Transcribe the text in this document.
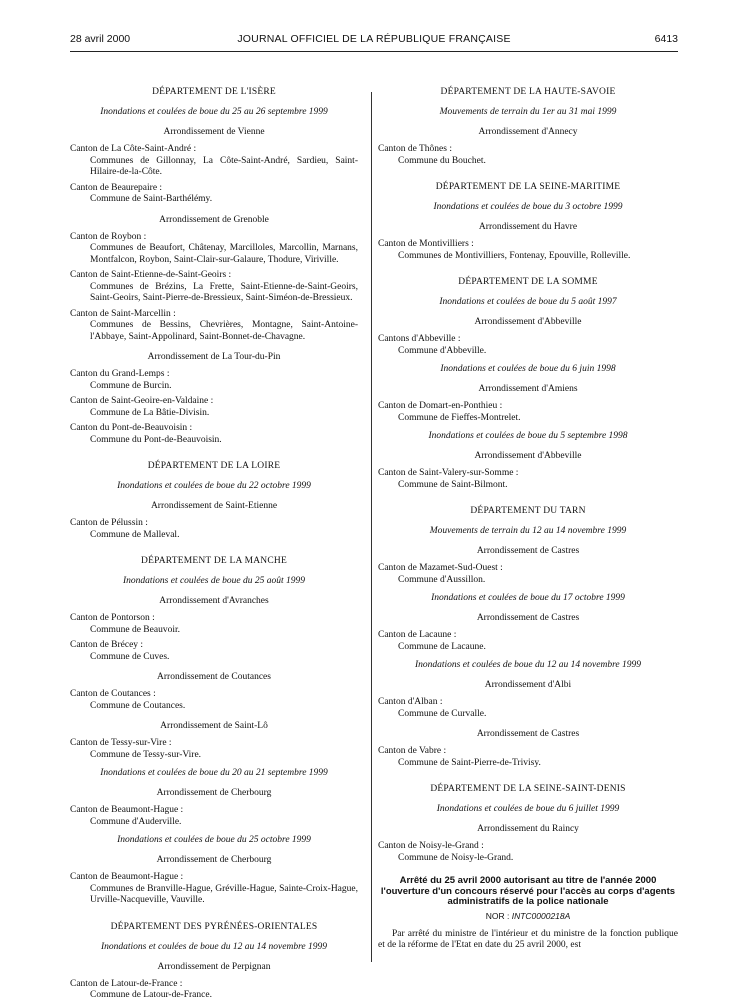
28 avril 2000	JOURNAL OFFICIEL DE LA RÉPUBLIQUE FRANÇAISE	6413
DÉPARTEMENT DE L'ISÈRE
Inondations et coulées de boue du 25 au 26 septembre 1999
Arrondissement de Vienne
Canton de La Côte-Saint-André :
Communes de Gillonnay, La Côte-Saint-André, Sardieu, Saint-Hilaire-de-la-Côte.
Canton de Beaurepaire :
Commune de Saint-Barthélémy.
Arrondissement de Grenoble
Canton de Roybon :
Communes de Beaufort, Châtenay, Marcilloles, Marcollin, Marnans, Montfalcon, Roybon, Saint-Clair-sur-Galaure, Thodure, Viriville.
Canton de Saint-Etienne-de-Saint-Geoirs :
Communes de Brézins, La Frette, Saint-Etienne-de-Saint-Geoirs, Saint-Geoirs, Saint-Pierre-de-Bressieux, Saint-Siméon-de-Bressieux.
Canton de Saint-Marcellin :
Communes de Bessins, Chevrières, Montagne, Saint-Antoine-l'Abbaye, Saint-Appolinard, Saint-Bonnet-de-Chavagne.
Arrondissement de La Tour-du-Pin
Canton du Grand-Lemps :
Commune de Burcin.
Canton de Saint-Geoire-en-Valdaine :
Commune de La Bâtie-Divisin.
Canton du Pont-de-Beauvoisin :
Commune du Pont-de-Beauvoisin.
DÉPARTEMENT DE LA LOIRE
Inondations et coulées de boue du 22 octobre 1999
Arrondissement de Saint-Etienne
Canton de Pélussin :
Commune de Malleval.
DÉPARTEMENT DE LA MANCHE
Inondations et coulées de boue du 25 août 1999
Arrondissement d'Avranches
Canton de Pontorson :
Commune de Beauvoir.
Canton de Brécey :
Commune de Cuves.
Arrondissement de Coutances
Canton de Coutances :
Commune de Coutances.
Arrondissement de Saint-Lô
Canton de Tessy-sur-Vire :
Commune de Tessy-sur-Vire.
Inondations et coulées de boue du 20 au 21 septembre 1999
Arrondissement de Cherbourg
Canton de Beaumont-Hague :
Commune d'Auderville.
Inondations et coulées de boue du 25 octobre 1999
Arrondissement de Cherbourg
Canton de Beaumont-Hague :
Communes de Branville-Hague, Gréville-Hague, Sainte-Croix-Hague, Urville-Nacqueville, Vauville.
DÉPARTEMENT DES PYRÉNÉES-ORIENTALES
Inondations et coulées de boue du 12 au 14 novembre 1999
Arrondissement de Perpignan
Canton de Latour-de-France :
Commune de Latour-de-France.
DÉPARTEMENT DE LA HAUTE-SAVOIE
Mouvements de terrain du 1er au 31 mai 1999
Arrondissement d'Annecy
Canton de Thônes :
Commune du Bouchet.
DÉPARTEMENT DE LA SEINE-MARITIME
Inondations et coulées de boue du 3 octobre 1999
Arrondissement du Havre
Canton de Montivilliers :
Communes de Montivilliers, Fontenay, Epouville, Rolleville.
DÉPARTEMENT DE LA SOMME
Inondations et coulées de boue du 5 août 1997
Arrondissement d'Abbeville
Cantons d'Abbeville :
Commune d'Abbeville.
Inondations et coulées de boue du 6 juin 1998
Arrondissement d'Amiens
Canton de Domart-en-Ponthieu :
Commune de Fieffes-Montrelet.
Inondations et coulées de boue du 5 septembre 1998
Arrondissement d'Abbeville
Canton de Saint-Valery-sur-Somme :
Commune de Saint-Bilmont.
DÉPARTEMENT DU TARN
Mouvements de terrain du 12 au 14 novembre 1999
Arrondissement de Castres
Canton de Mazamet-Sud-Ouest :
Commune d'Aussillon.
Inondations et coulées de boue du 17 octobre 1999
Arrondissement de Castres
Canton de Lacaune :
Commune de Lacaune.
Inondations et coulées de boue du 12 au 14 novembre 1999
Arrondissement d'Albi
Canton d'Alban :
Commune de Curvalle.
Arrondissement de Castres
Canton de Vabre :
Commune de Saint-Pierre-de-Trivisy.
DÉPARTEMENT DE LA SEINE-SAINT-DENIS
Inondations et coulées de boue du 6 juillet 1999
Arrondissement du Raincy
Canton de Noisy-le-Grand :
Commune de Noisy-le-Grand.
Arrêté du 25 avril 2000 autorisant au titre de l'année 2000 l'ouverture d'un concours réservé pour l'accès au corps d'agents administratifs de la police nationale
NOR : INTC0000218A

Par arrêté du ministre de l'intérieur et du ministre de la fonction publique et de la réforme de l'Etat en date du 25 avril 2000, est
